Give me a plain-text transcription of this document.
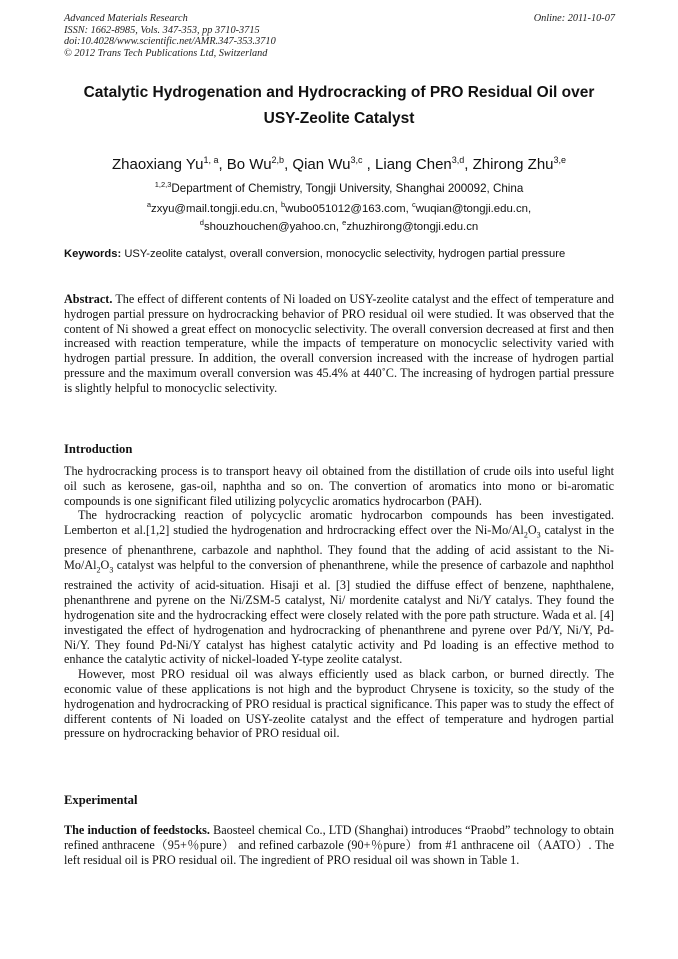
Advanced Materials Research
ISSN: 1662-8985, Vols. 347-353, pp 3710-3715
doi:10.4028/www.scientific.net/AMR.347-353.3710
© 2012 Trans Tech Publications Ltd, Switzerland
Online: 2011-10-07
Catalytic Hydrogenation and Hydrocracking of PRO Residual Oil over
USY-Zeolite Catalyst
Zhaoxiang Yu$^{1, a}$, Bo Wu$^{2,b}$, Qian Wu$^{3,c}$ , Liang Chen$^{3,d}$, Zhirong Zhu$^{3,e}$
$^{1,2,3}$Department of Chemistry, Tongji University, Shanghai 200092, China
$^a$zxyu@mail.tongji.edu.cn, $^b$wubo051012@163.com, $^c$wuqian@tongji.edu.cn,
$^d$shouzhouchen@yahoo.cn, $^e$zhuzhirong@tongji.edu.cn
Keywords: USY-zeolite catalyst, overall conversion, monocyclic selectivity, hydrogen partial pressure

Abstract. The effect of different contents of Ni loaded on USY-zeolite catalyst and the effect of temperature and hydrogen partial pressure on hydrocracking behavior of PRO residual oil were studied. It was observed that the content of Ni showed a great effect on monocyclic selectivity. The overall conversion decreased at first and then increased with reaction temperature, while the impacts of temperature on monocyclic selectivity varied with hydrogen partial pressure. In addition, the overall conversion increased with the increase of hydrogen partial pressure and the maximum overall conversion was 45.4% at 440˚C. The increasing of hydrogen partial pressure is slightly helpful to monocyclic selectivity.

Introduction

The hydrocracking process is to transport heavy oil obtained from the distillation of crude oils into useful light oil such as kerosene, gas-oil, naphtha and so on. The convertion of aromatics into mono or bi-aromatic compounds is one significant filed utilizing polycyclic aromatics hydrocarbon (PAH).

The hydrocracking reaction of polycyclic aromatic hydrocarbon compounds has been investigated. Lemberton et al.[1,2] studied the hydrogenation and hrdrocracking effect over the $Ni-Mo/Al_2O_3$ catalyst in the presence of phenanthrene, carbazole and naphthol. They found that the adding of acid assistant to the $Ni-Mo/Al_2O_3$ catalyst was helpful to the conversion of phenanthrene, while the presence of carbazole and naphthol restrained the activity of acid-situation. Hisaji et al. [3] studied the diffuse effect of benzene, naphthalene, phenanthrene and pyrene on the Ni/ZSM-5 catalyst, Ni/ mordenite catalyst and Ni/Y catalys. They found the hydrogenation site and the hydrocracking effect were closely related with the pore path structure. Wada et al. [4] investigated the effect of hydrogenation and hydrocracking of phenanthrene and pyrene over Pd/Y, Ni/Y, Pd-Ni/Y. They found Pd-Ni/Y catalyst has highest catalytic activity and Pd loading is an effective method to enhance the catalytic activity of nickel-loaded Y-type zeolite catalyst.

However, most PRO residual oil was always efficiently used as black carbon, or burned directly. The economic value of these applications is not high and the byproduct Chrysene is toxicity, so the study of the hydrogenation and hydrocracking of PRO residual is practical significance. This paper was to study the effect of different contents of Ni loaded on USY-zeolite catalyst and the effect of temperature and hydrogen partial pressure on hydrocracking behavior of PRO residual oil.

Experimental

The induction of feedstocks. Baosteel chemical Co., LTD (Shanghai) introduces “Praobd” technology to obtain refined anthracene（95+％pure） and refined carbazole (90+％pure）from #1 anthracene oil（AATO）. The left residual oil is PRO residual oil. The ingredient of PRO residual oil was shown in Table 1.
